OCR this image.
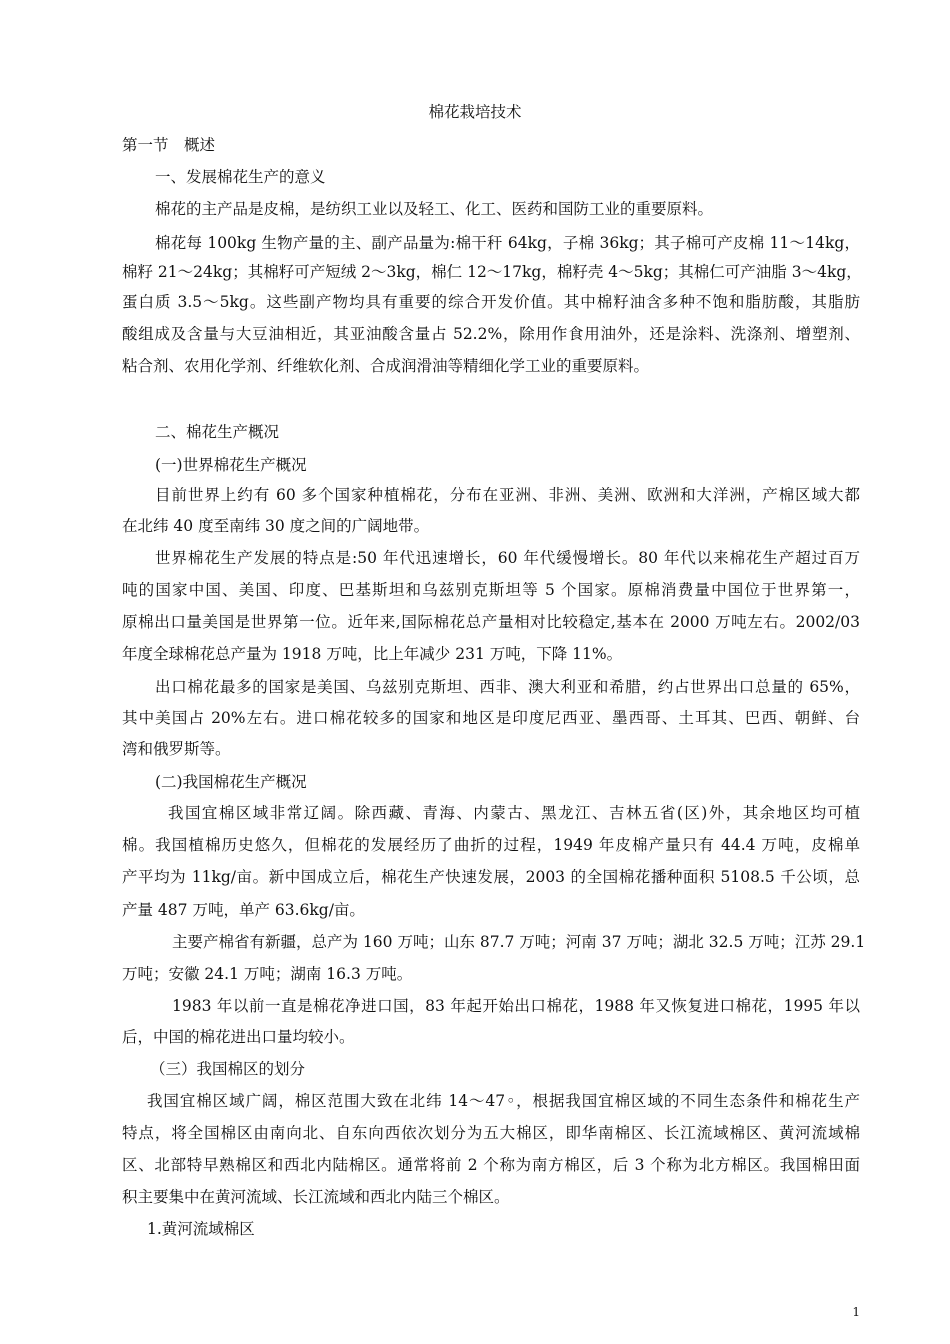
棉花栽培技术
第一节　概述
一、发展棉花生产的意义
棉花的主产品是皮棉，是纺织工业以及轻工、化工、医药和国防工业的重要原料。
棉花每 100kg 生物产量的主、副产品量为:棉干秆 64kg，子棉 36kg；其子棉可产皮棉 11～14kg，
棉籽 21～24kg；其棉籽可产短绒 2～3kg，棉仁 12～17kg，棉籽壳 4～5kg；其棉仁可产油脂 3～4kg，
蛋白质 3.5～5kg。这些副产物均具有重要的综合开发价值。其中棉籽油含多种不饱和脂肪酸，其脂肪
酸组成及含量与大豆油相近，其亚油酸含量占 52.2%，除用作食用油外，还是涂料、洗涤剂、增塑剂、
粘合剂、农用化学剂、纤维软化剂、合成润滑油等精细化学工业的重要原料。
二、棉花生产概况
(一)世界棉花生产概况
目前世界上约有 60 多个国家种植棉花，分布在亚洲、非洲、美洲、欧洲和大洋洲，产棉区域大都
在北纬 40 度至南纬 30 度之间的广阔地带。
世界棉花生产发展的特点是:50 年代迅速增长，60 年代缓慢增长。80 年代以来棉花生产超过百万
吨的国家中国、美国、印度、巴基斯坦和乌兹别克斯坦等 5 个国家。原棉消费量中国位于世界第一，
原棉出口量美国是世界第一位。近年来,国际棉花总产量相对比较稳定,基本在 2000 万吨左右。2002/03
年度全球棉花总产量为 1918 万吨，比上年减少 231 万吨，下降 11%。
出口棉花最多的国家是美国、乌兹别克斯坦、西非、澳大利亚和希腊，约占世界出口总量的 65%，
其中美国占 20%左右。进口棉花较多的国家和地区是印度尼西亚、墨西哥、土耳其、巴西、朝鲜、台
湾和俄罗斯等。
(二)我国棉花生产概况
我国宜棉区域非常辽阔。除西藏、青海、内蒙古、黑龙江、吉林五省(区)外，其余地区均可植
棉。我国植棉历史悠久，但棉花的发展经历了曲折的过程，1949 年皮棉产量只有 44.4 万吨，皮棉单
产平均为 11kg/亩。新中国成立后，棉花生产快速发展，2003 的全国棉花播种面积 5108.5 千公顷，总
产量 487 万吨，单产 63.6kg/亩。
主要产棉省有新疆，总产为 160 万吨；山东 87.7 万吨；河南 37 万吨；湖北 32.5 万吨；江苏 29.1
万吨；安徽 24.1 万吨；湖南 16.3 万吨。
1983 年以前一直是棉花净进口国，83 年起开始出口棉花，1988 年又恢复进口棉花，1995 年以
后，中国的棉花进出口量均较小。
（三）我国棉区的划分
我国宜棉区域广阔，棉区范围大致在北纬 14～47◦，根据我国宜棉区域的不同生态条件和棉花生产
特点，将全国棉区由南向北、自东向西依次划分为五大棉区，即华南棉区、长江流域棉区、黄河流域棉
区、北部特早熟棉区和西北内陆棉区。通常将前 2 个称为南方棉区，后 3 个称为北方棉区。我国棉田面
积主要集中在黄河流域、长江流域和西北内陆三个棉区。
1.黄河流域棉区
1
